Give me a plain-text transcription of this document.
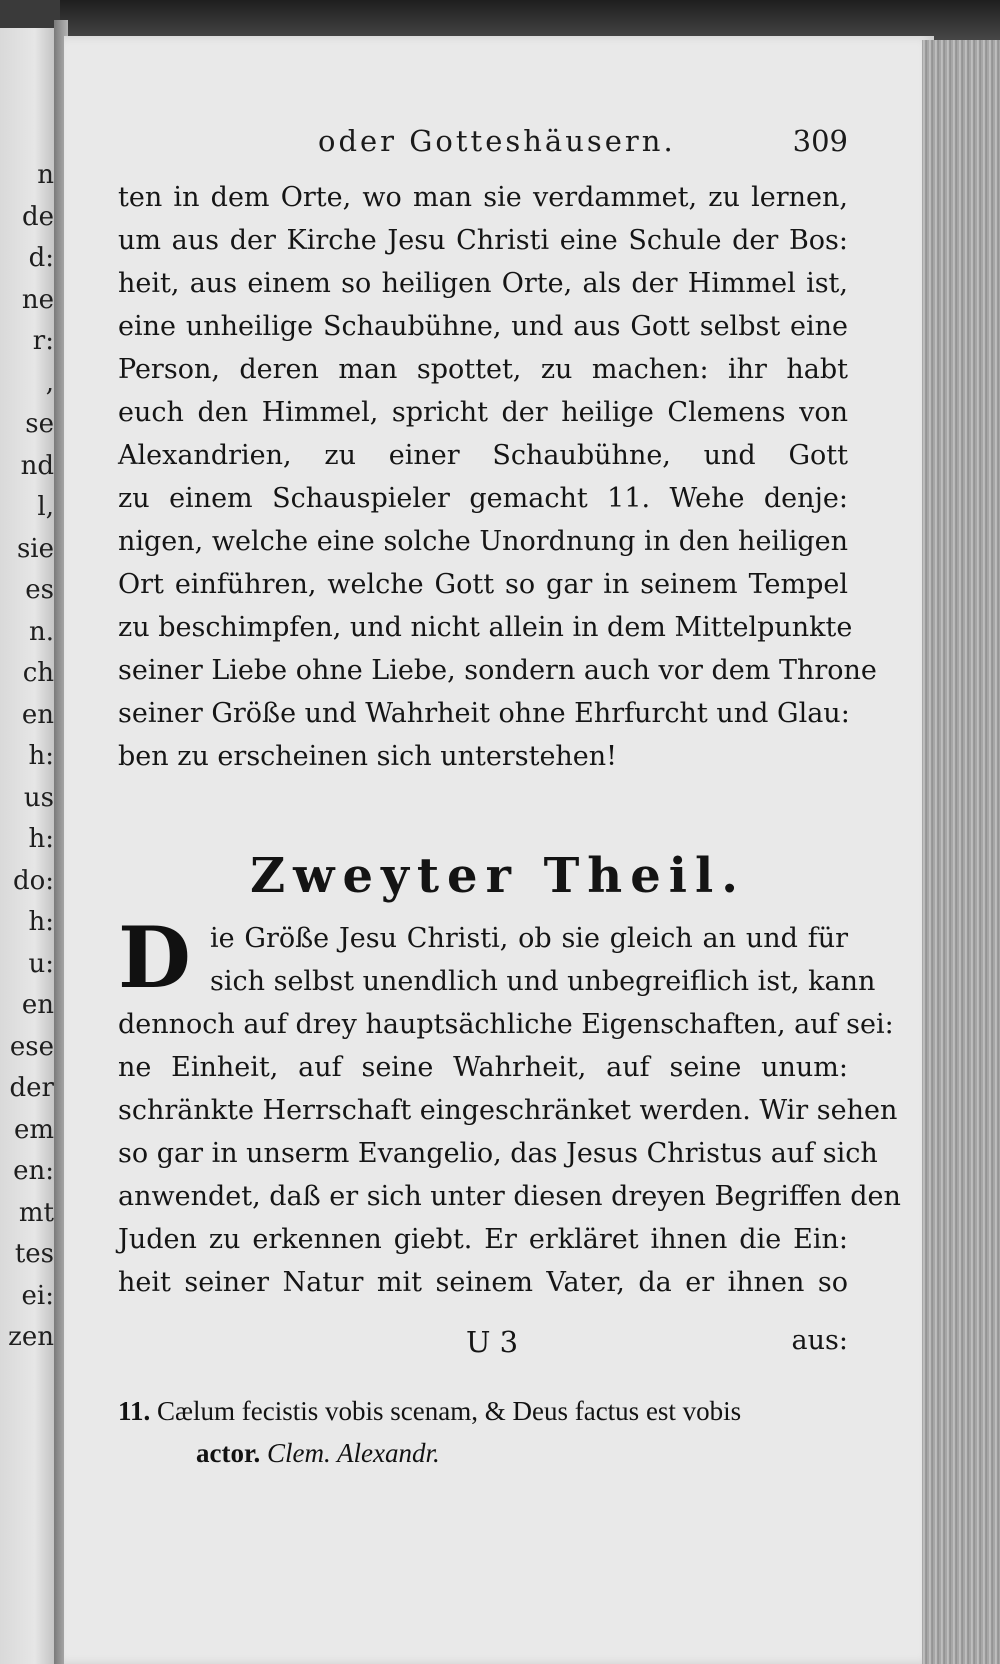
n
de
d:
ne
r:
,
se
nd
l,
sie
es
n.
ch
en
h:
us
h:
do:
h:
u:
en
ese
der
em
en:
mt
tes
ei:
zen
oder Gotteshäusern.	309
ten in dem Orte, wo man sie verdammet, zu lernen,
um aus der Kirche Jesu Christi eine Schule der Bos:
heit, aus einem so heiligen Orte, als der Himmel ist,
eine unheilige Schaubühne, und aus Gott selbst eine
Person, deren man spottet, zu machen: ihr habt
euch den Himmel, spricht der heilige Clemens von
Alexandrien, zu einer Schaubühne, und Gott
zu einem Schauspieler gemacht 11. Wehe denje:
nigen, welche eine solche Unordnung in den heiligen
Ort einführen, welche Gott so gar in seinem Tempel
zu beschimpfen, und nicht allein in dem Mittelpunkte
seiner Liebe ohne Liebe, sondern auch vor dem Throne
seiner Größe und Wahrheit ohne Ehrfurcht und Glau:
ben zu erscheinen sich unterstehen!
Zweyter Theil.
D ie Größe Jesu Christi, ob sie gleich an und für
sich selbst unendlich und unbegreiflich ist, kann
dennoch auf drey hauptsächliche Eigenschaften, auf sei:
ne Einheit, auf seine Wahrheit, auf seine unum:
schränkte Herrschaft eingeschränket werden. Wir sehen
so gar in unserm Evangelio, das Jesus Christus auf sich
anwendet, daß er sich unter diesen dreyen Begriffen den
Juden zu erkennen giebt. Er erkläret ihnen die Ein:
heit seiner Natur mit seinem Vater, da er ihnen so
U 3	aus:
11. Cælum fecistis vobis scenam, & Deus factus est vobis
actor. Clem. Alexandr.
